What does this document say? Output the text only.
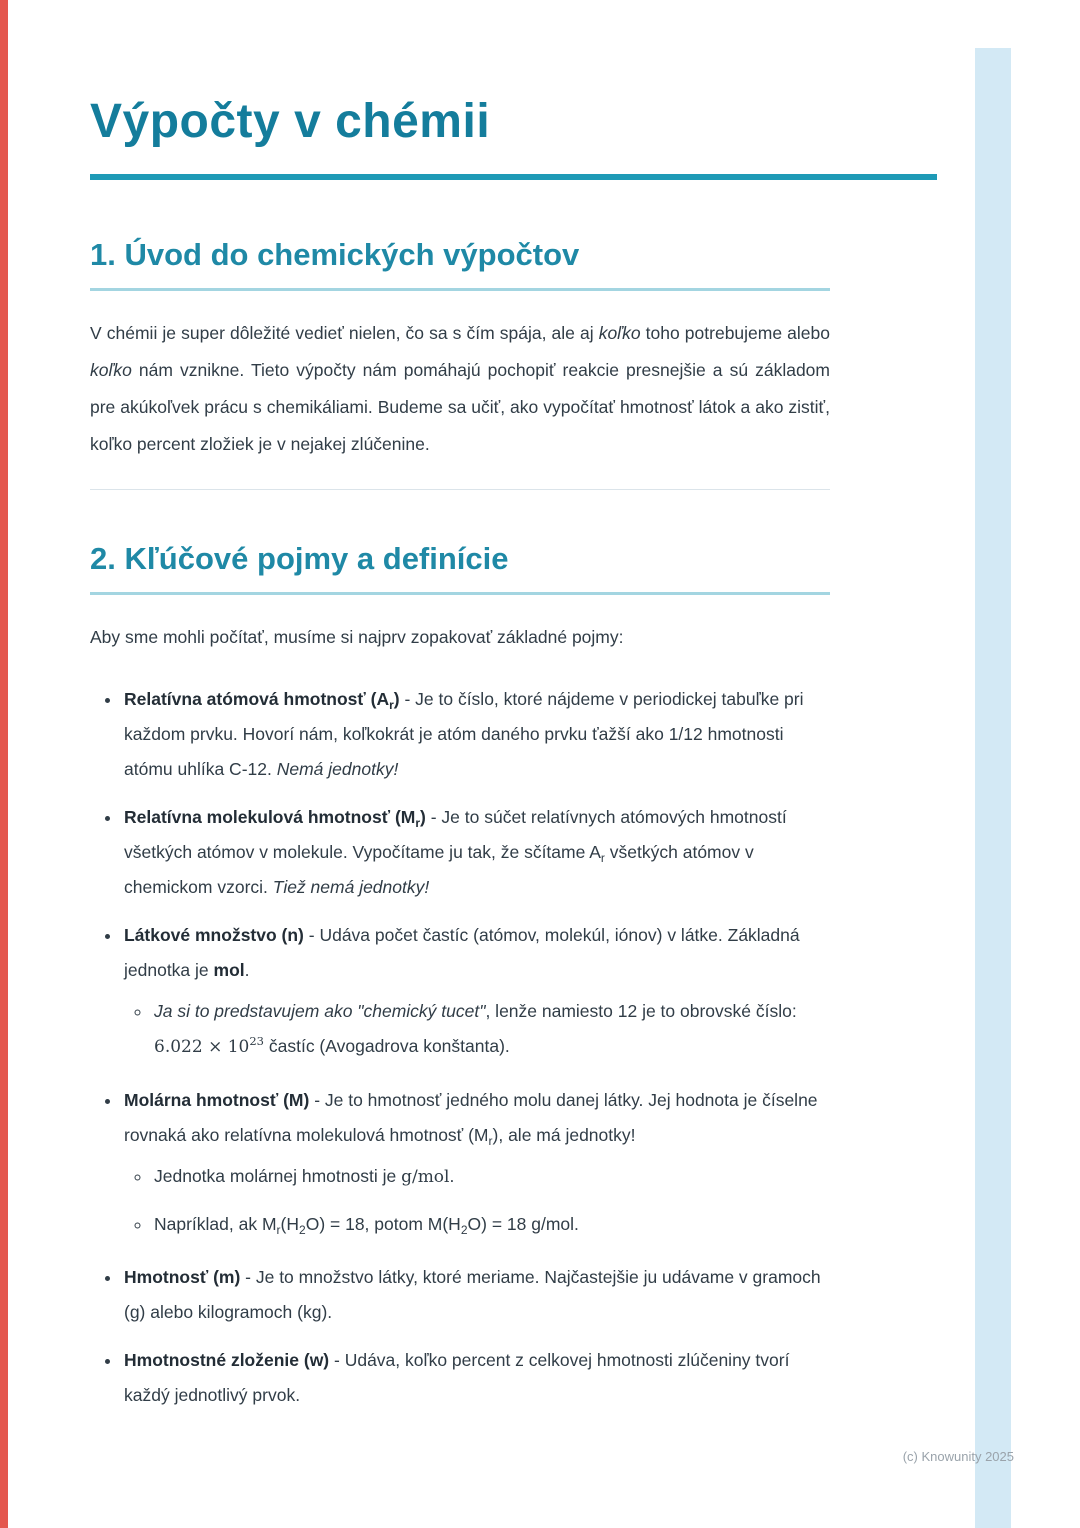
Výpočty v chémii
1. Úvod do chemických výpočtov

V chémii je super dôležité vedieť nielen, čo sa s čím spája, ale aj koľko toho potrebujeme alebo koľko nám vznikne. Tieto výpočty nám pomáhajú pochopiť reakcie presnejšie a sú základom pre akúkoľvek prácu s chemikáliami. Budeme sa učiť, ako vypočítať hmotnosť látok a ako zistiť, koľko percent zložiek je v nejakej zlúčenine.

2. Kľúčové pojmy a definície

Aby sme mohli počítať, musíme si najprv zopakovať základné pojmy:

• Relatívna atómová hmotnosť $(A_r)$ - Je to číslo, ktoré nájdeme v periodickej tabuľke pri každom prvku. Hovorí nám, koľkokrát je atóm daného prvku ťažší ako 1/12 hmotnosti atómu uhlíka C-12. Nemá jednotky!
• Relatívna molekulová hmotnosť $(M_r)$ - Je to súčet relatívnych atómových hmotností všetkých atómov v molekule. Vypočítame ju tak, že sčítame $A_r$ všetkých atómov v chemickom vzorci. Tiež nemá jednotky!
• Látkové množstvo (n) - Udáva počet častíc (atómov, molekúl, iónov) v látke. Základná jednotka je mol.
◦ Ja si to predstavujem ako "chemický tucet", lenže namiesto 12 je to obrovské číslo: $6.022 \times 10^{23}$ častíc (Avogadrova konštanta).
• Molárna hmotnosť (M) - Je to hmotnosť jedného molu danej látky. Jej hodnota je číselne rovnaká ako relatívna molekulová hmotnosť $(M_r)$, ale má jednotky!
◦ Jednotka molárnej hmotnosti je g/mol.
◦ Napríklad, ak $M_r(H_2O) = 18$, potom $M(H_2O) = 18$ g/mol.
• Hmotnosť (m) - Je to množstvo látky, ktoré meriame. Najčastejšie ju udávame v gramoch (g) alebo kilogramoch (kg).
• Hmotnostné zloženie (w) - Udáva, koľko percent z celkovej hmotnosti zlúčeniny tvorí každý jednotlivý prvok.
(c) Knowunity 2025
